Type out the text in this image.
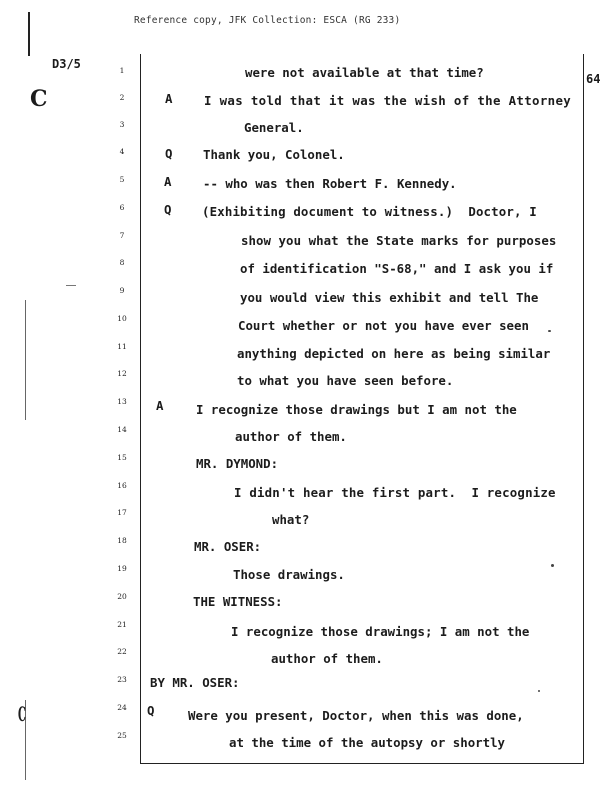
Reference copy, JFK Collection: ESCA (RG 233)
D3/5
64
C
C
1
2
3
4
5
6
7
8
9
10
11
12
13
14
15
16
17
18
19
20
21
22
23
24
25
A
Q
A
Q
A
Q
were not available at that time?
I was told that it was the wish of the Attorney
General.
Thank you, Colonel.
-- who was then Robert F. Kennedy.
(Exhibiting document to witness.)  Doctor, I
show you what the State marks for purposes
of identification "S-68," and I ask you if
you would view this exhibit and tell The
Court whether or not you have ever seen
anything depicted on here as being similar
to what you have seen before.
I recognize those drawings but I am not the
author of them.
MR. DYMOND:
I didn't hear the first part.  I recognize
what?
MR. OSER:
Those drawings.
THE WITNESS:
I recognize those drawings; I am not the
author of them.
BY MR. OSER:
Were you present, Doctor, when this was done,
at the time of the autopsy or shortly
